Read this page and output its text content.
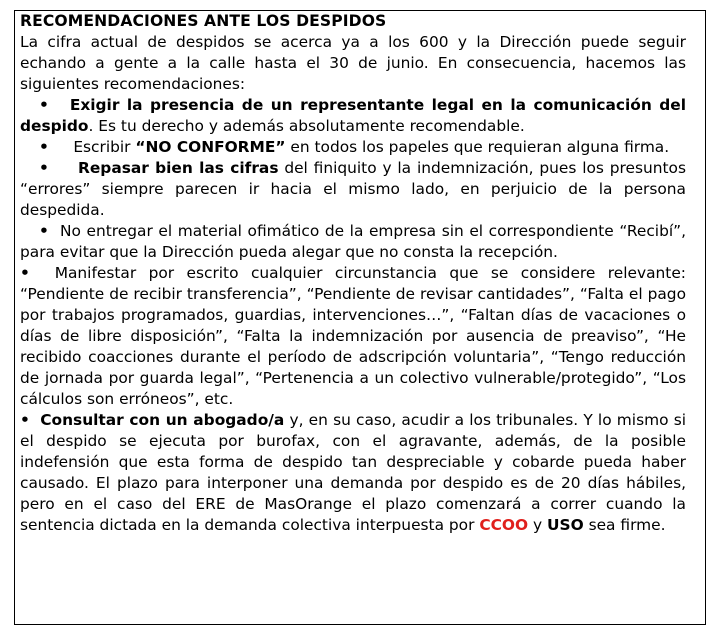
RECOMENDACIONES ANTE LOS DESPIDOS

La cifra actual de despidos se acerca ya a los 600 y la Dirección puede seguir echando a gente a la calle hasta el 30 de junio. En consecuencia, hacemos las siguientes recomendaciones:

• Exigir la presencia de un representante legal en la comunicación del despido. Es tu derecho y además absolutamente recomendable.

• Escribir “NO CONFORME” en todos los papeles que requieran alguna firma.

• Repasar bien las cifras del finiquito y la indemnización, pues los presuntos “errores” siempre parecen ir hacia el mismo lado, en perjuicio de la persona despedida.

• No entregar el material ofimático de la empresa sin el correspondiente “Recibí”, para evitar que la Dirección pueda alegar que no consta la recepción.

• Manifestar por escrito cualquier circunstancia que se considere relevante: “Pendiente de recibir transferencia”, “Pendiente de revisar cantidades”, “Falta el pago por trabajos programados, guardias, intervenciones…”, “Faltan días de vacaciones o días de libre disposición”, “Falta la indemnización por ausencia de preaviso”, “He recibido coacciones durante el período de adscripción voluntaria”, “Tengo reducción de jornada por guarda legal”, “Pertenencia a un colectivo vulnerable/protegido”, “Los cálculos son erróneos”, etc.

• Consultar con un abogado/a y, en su caso, acudir a los tribunales. Y lo mismo si el despido se ejecuta por burofax, con el agravante, además, de la posible indefensión que esta forma de despido tan despreciable y cobarde pueda haber causado. El plazo para interponer una demanda por despido es de 20 días hábiles, pero en el caso del ERE de MasOrange el plazo comenzará a correr cuando la sentencia dictada en la demanda colectiva interpuesta por CCOO y USO sea firme.
